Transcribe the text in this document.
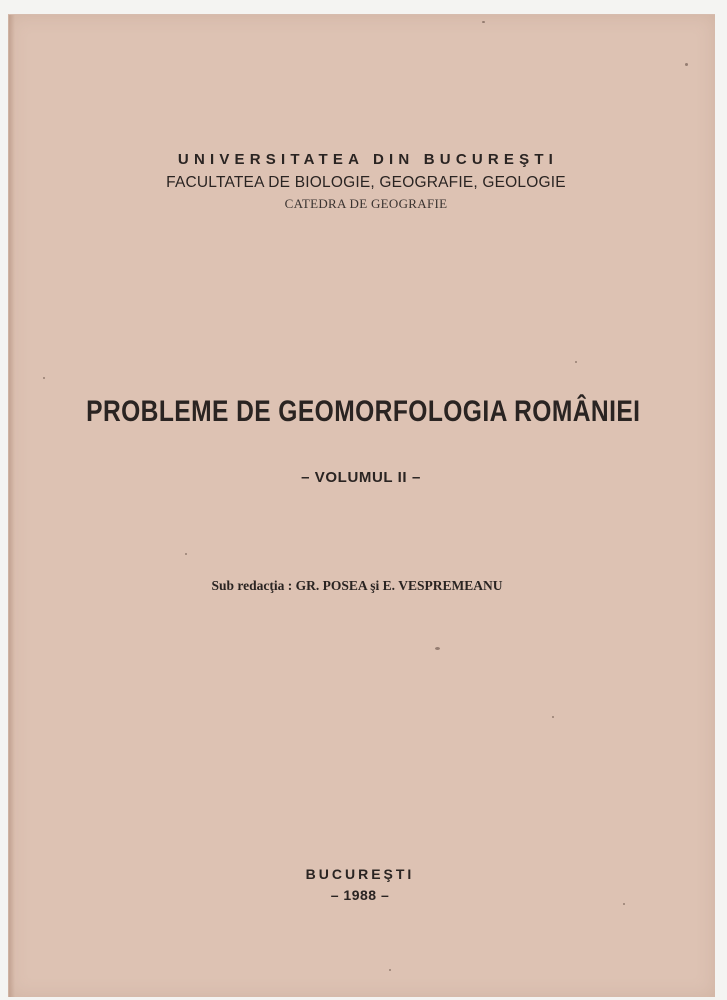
UNIVERSITATEA DIN BUCUREŞTI
FACULTATEA DE BIOLOGIE, GEOGRAFIE, GEOLOGIE
CATEDRA DE GEOGRAFIE
PROBLEME DE GEOMORFOLOGIA ROMÂNIEI
– VOLUMUL II –
Sub redacţia : GR. POSEA şi E. VESPREMEANU
BUCUREŞTI
– 1988 –
